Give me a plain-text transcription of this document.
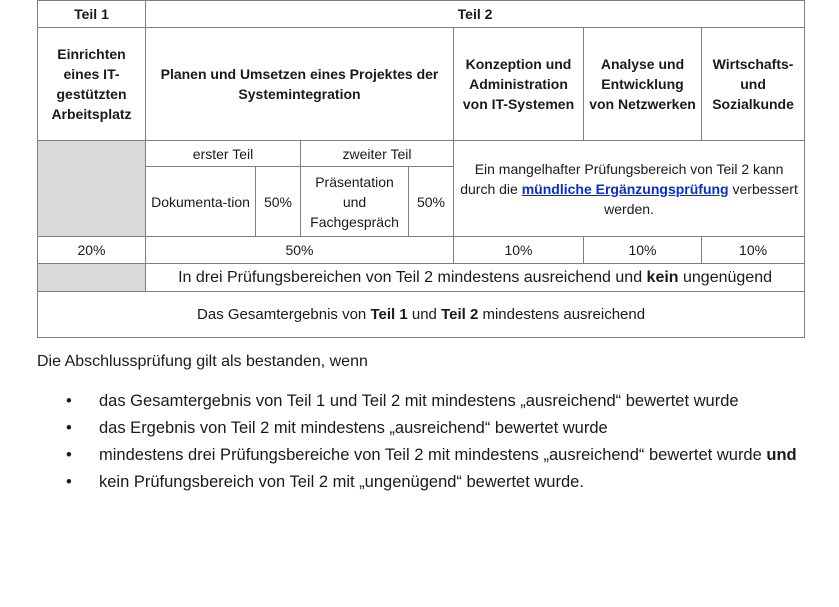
Teil 1	Teil 2						
Einrichten eines IT-gestützten Arbeitsplatz	Planen und Umsetzen eines Projektes der Systemintegration				Konzeption und Administration von IT-Systemen	Analyse und Entwicklung von Netzwerken	Wirtschafts- und Sozialkunde
	erster Teil		zweiter Teil		Ein mangelhafter Prüfungsbereich von Teil 2 kann durch die mündliche Ergänzungsprüfung verbessert werden.		
	Dokumenta-tion	50%	Präsentation und Fachgespräch	50%			
20%	50%				10%	10%	10%
	In drei Prüfungsbereichen von Teil 2 mindestens ausreichend und kein ungenügend						
Das Gesamtergebnis von Teil 1 und Teil 2 mindestens ausreichend							

Die Abschlussprüfung gilt als bestanden, wenn

• das Gesamtergebnis von Teil 1 und Teil 2 mit mindestens „ausreichend“ bewertet wurde
• das Ergebnis von Teil 2 mit mindestens „ausreichend“ bewertet wurde
• mindestens drei Prüfungsbereiche von Teil 2 mit mindestens „ausreichend“ bewertet wurde und
• kein Prüfungsbereich von Teil 2 mit „ungenügend“ bewertet wurde.
